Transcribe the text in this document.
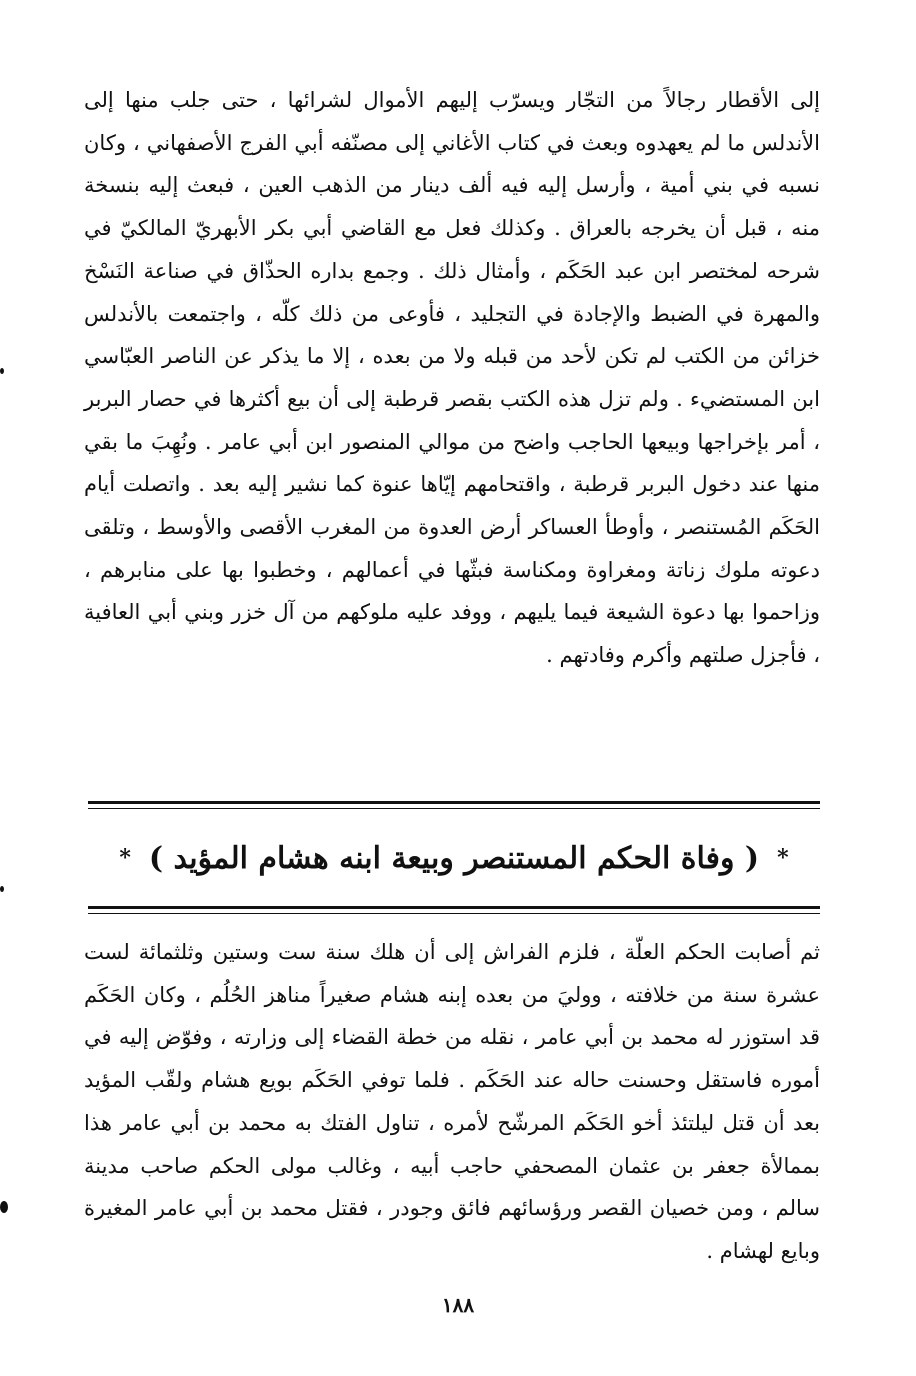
إلى الأقطار رجالاً من التجّار ويسرّب إليهم الأموال لشرائها ، حتى جلب منها إلى الأندلس ما لم يعهدوه وبعث في كتاب الأغاني إلى مصنّفه أبي الفرج الأصفهاني ، وكان نسبه في بني أمية ، وأرسل إليه فيه ألف دينار من الذهب العين ، فبعث إليه بنسخة منه ، قبل أن يخرجه بالعراق . وكذلك فعل مع القاضي أبي بكر الأبهريّ المالكيّ في شرحه لمختصر ابن عبد الحَكَم ، وأمثال ذلك . وجمع بداره الحذّاق في صناعة النَسْخ والمهرة في الضبط والإجادة في التجليد ، فأوعى من ذلك كلّه ، واجتمعت بالأندلس خزائن من الكتب لم تكن لأحد من قبله ولا من بعده ، إلا ما يذكر عن الناصر العبّاسي ابن المستضيء . ولم تزل هذه الكتب بقصر قرطبة إلى أن بيع أكثرها في حصار البربر ، أمر بإخراجها وبيعها الحاجب واضح من موالي المنصور ابن أبي عامر . ونُهِبَ ما بقي منها عند دخول البربر قرطبة ، واقتحامهم إيّاها عنوة كما نشير إليه بعد . واتصلت أيام الحَكَم المُستنصر ، وأوطأ العساكر أرض العدوة من المغرب الأقصى والأوسط ، وتلقى دعوته ملوك زناتة ومغراوة ومكناسة فبثّها في أعمالهم ، وخطبوا بها على منابرهم ، وزاحموا بها دعوة الشيعة فيما يليهم ، ووفد عليه ملوكهم من آل خزر وبني أبي العافية ، فأجزل صلتهم وأكرم وفادتهم .

*
( وفاة الحكم المستنصر وبيعة ابنه هشام المؤيد )
*

ثم أصابت الحكم العلّة ، فلزم الفراش إلى أن هلك سنة ست وستين وثلثمائة لست عشرة سنة من خلافته ، ووليَ من بعده إبنه هشام صغيراً مناهز الحُلُم ، وكان الحَكَم قد استوزر له محمد بن أبي عامر ، نقله من خطة القضاء إلى وزارته ، وفوّض إليه في أموره فاستقل وحسنت حاله عند الحَكَم . فلما توفي الحَكَم بويع هشام ولقّب المؤيد بعد أن قتل ليلتئذ أخو الحَكَم المرشّح لأمره ، تناول الفتك به محمد بن أبي عامر هذا بممالأة جعفر بن عثمان المصحفي حاجب أبيه ، وغالب مولى الحكم صاحب مدينة سالم ، ومن خصيان القصر ورؤسائهم فائق وجودر ، فقتل محمد بن أبي عامر المغيرة وبايع لهشام .

١٨٨
